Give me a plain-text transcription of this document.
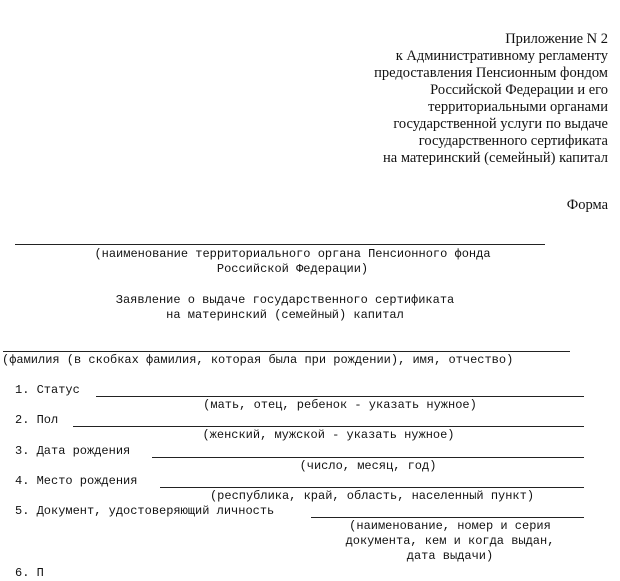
Приложение N 2
к Административному регламенту
предоставления Пенсионным фондом
Российской Федерации и его
территориальными органами
государственной услуги по выдаче
государственного сертификата
на материнский (семейный) капитал
Форма
(наименование территориального органа Пенсионного фонда
Российской Федерации)
Заявление о выдаче государственного сертификата
на материнский (семейный) капитал
(фамилия (в скобках фамилия, которая была при рождении), имя, отчество)
1. Статус
(мать, отец, ребенок - указать нужное)
2. Пол
(женский, мужской - указать нужное)
3. Дата рождения
(число, месяц, год)
4. Место рождения
(республика, край, область, населенный пункт)
5. Документ, удостоверяющий личность
(наименование, номер и серия
документа, кем и когда выдан,
дата выдачи)
6. П
